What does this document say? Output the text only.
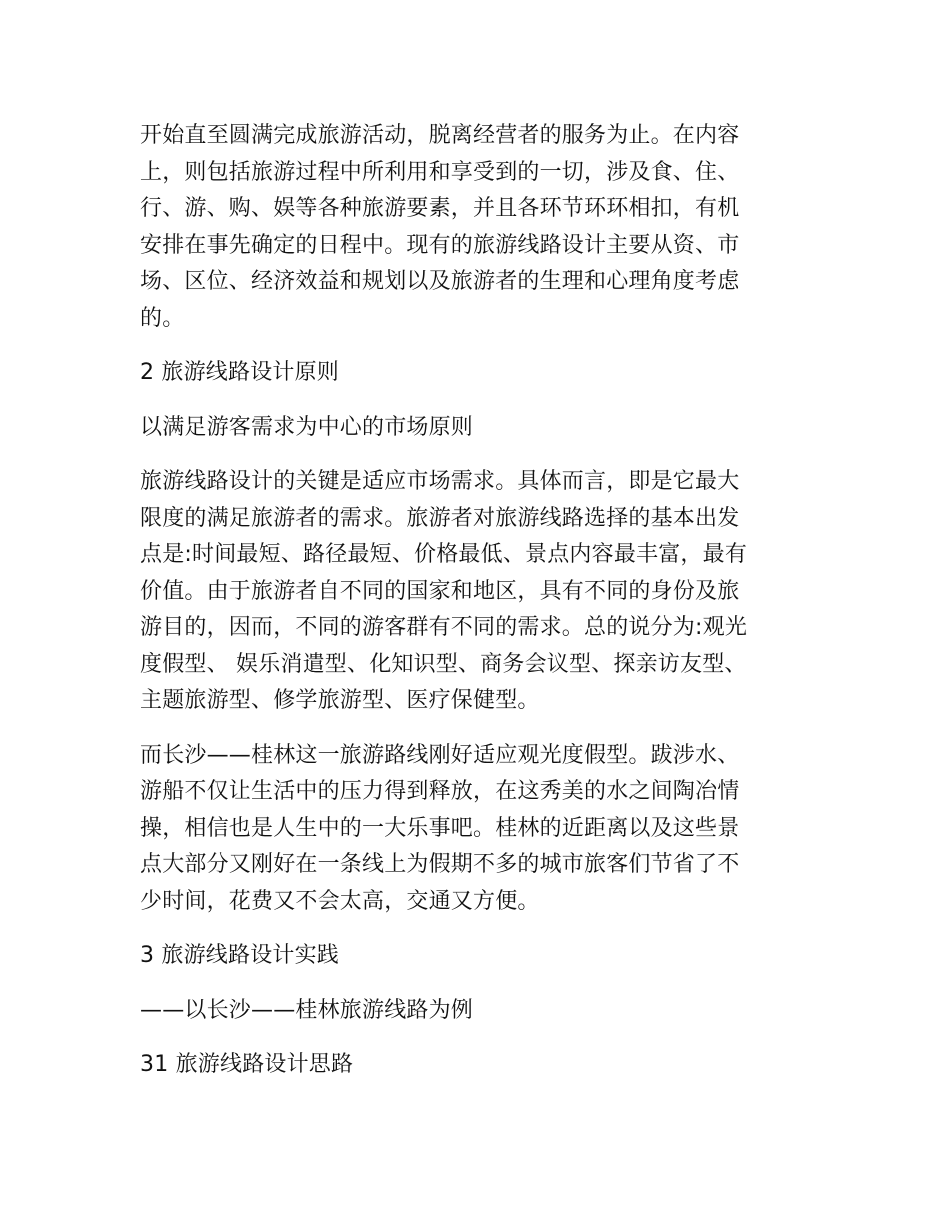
开始直至圆满完成旅游活动，脱离经营者的服务为止。在内容
上，则包括旅游过程中所利用和享受到的一切，涉及食、住、
行、游、购、娱等各种旅游要素，并且各环节环环相扣，有机
安排在事先确定的日程中。现有的旅游线路设计主要从资、市
场、区位、经济效益和规划以及旅游者的生理和心理角度考虑
的。
2 旅游线路设计原则
以满足游客需求为中心的市场原则
旅游线路设计的关键是适应市场需求。具体而言，即是它最大
限度的满足旅游者的需求。旅游者对旅游线路选择的基本出发
点是:时间最短、路径最短、价格最低、景点内容最丰富，最有
价值。由于旅游者自不同的国家和地区，具有不同的身份及旅
游目的，因而，不同的游客群有不同的需求。总的说分为:观光
度假型、 娱乐消遣型、化知识型、商务会议型、探亲访友型、
主题旅游型、修学旅游型、医疗保健型。
而长沙——桂林这一旅游路线刚好适应观光度假型。跋涉水、
游船不仅让生活中的压力得到释放，在这秀美的水之间陶冶情
操，相信也是人生中的一大乐事吧。桂林的近距离以及这些景
点大部分又刚好在一条线上为假期不多的城市旅客们节省了不
少时间，花费又不会太高，交通又方便。
3 旅游线路设计实践
——以长沙——桂林旅游线路为例
31 旅游线路设计思路
